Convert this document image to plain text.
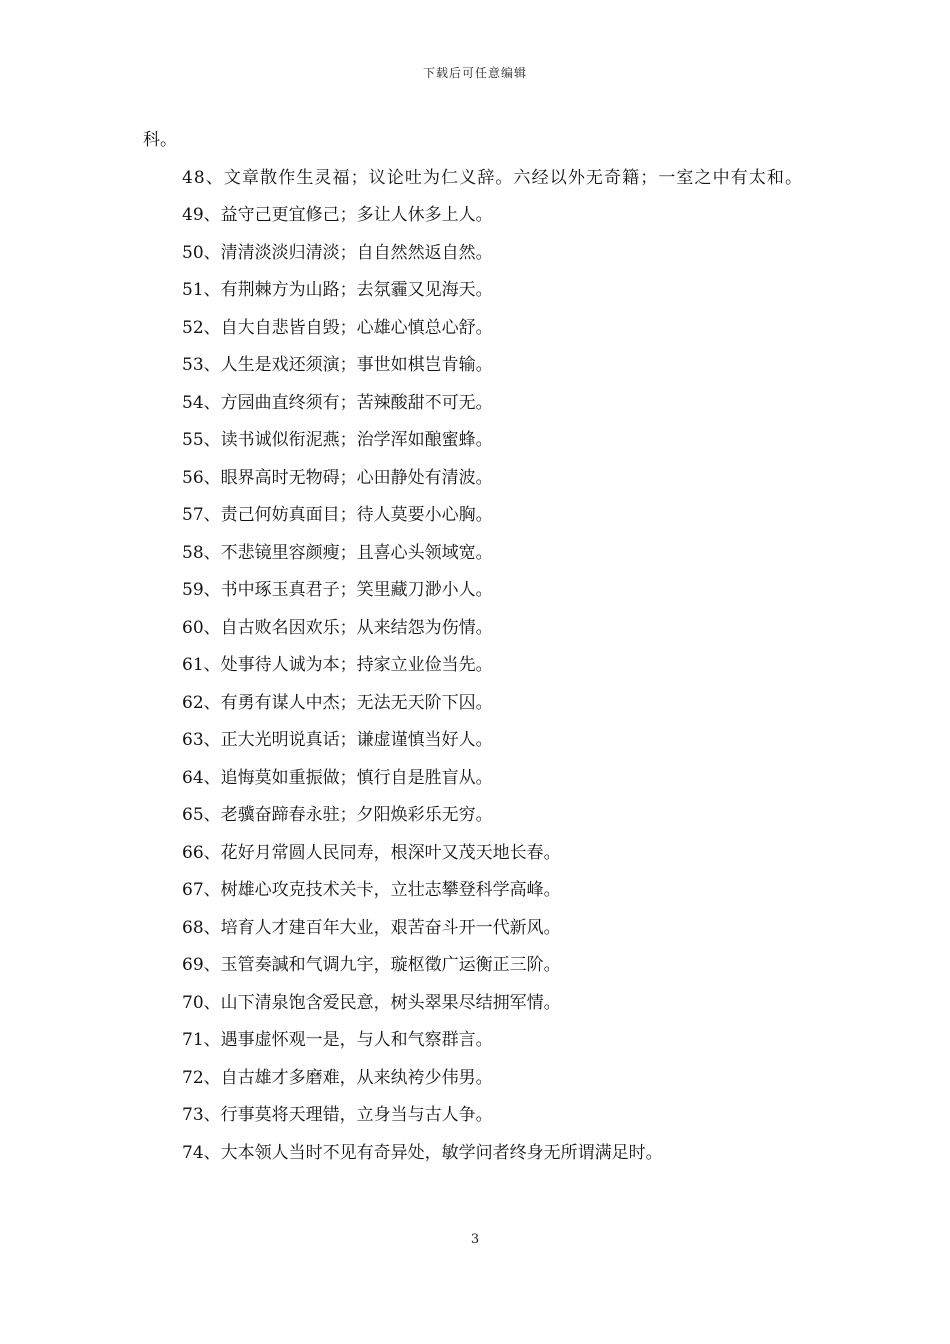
下载后可任意编辑

科。

48、文章散作生灵福；议论吐为仁义辞。六经以外无奇籍；一室之中有太和。

49、益守己更宜修己；多让人休多上人。

50、清清淡淡归清淡；自自然然返自然。

51、有荆棘方为山路；去氛霾又见海天。

52、自大自悲皆自毁；心雄心慎总心舒。

53、人生是戏还须演；事世如棋岂肯输。

54、方园曲直终须有；苦辣酸甜不可无。

55、读书诚似衔泥燕；治学浑如酿蜜蜂。

56、眼界高时无物碍；心田静处有清波。

57、责己何妨真面目；待人莫要小心胸。

58、不悲镜里容颜瘦；且喜心头领域宽。

59、书中琢玉真君子；笑里藏刀渺小人。

60、自古败名因欢乐；从来结怨为伤情。

61、处事待人诚为本；持家立业俭当先。

62、有勇有谋人中杰；无法无天阶下囚。

63、正大光明说真话；谦虚谨慎当好人。

64、追悔莫如重振做；慎行自是胜盲从。

65、老骥奋蹄春永驻；夕阳焕彩乐无穷。

66、花好月常圆人民同寿，根深叶又茂天地长春。

67、树雄心攻克技术关卡，立壮志攀登科学高峰。

68、培育人才建百年大业，艰苦奋斗开一代新风。

69、玉管奏諴和气调九宇，璇枢徵广运衡正三阶。

70、山下清泉饱含爱民意，树头翠果尽结拥军情。

71、遇事虚怀观一是，与人和气察群言。

72、自古雄才多磨难，从来纨袴少伟男。

73、行事莫将天理错，立身当与古人争。

74、大本领人当时不见有奇异处，敏学问者终身无所谓满足时。

3
